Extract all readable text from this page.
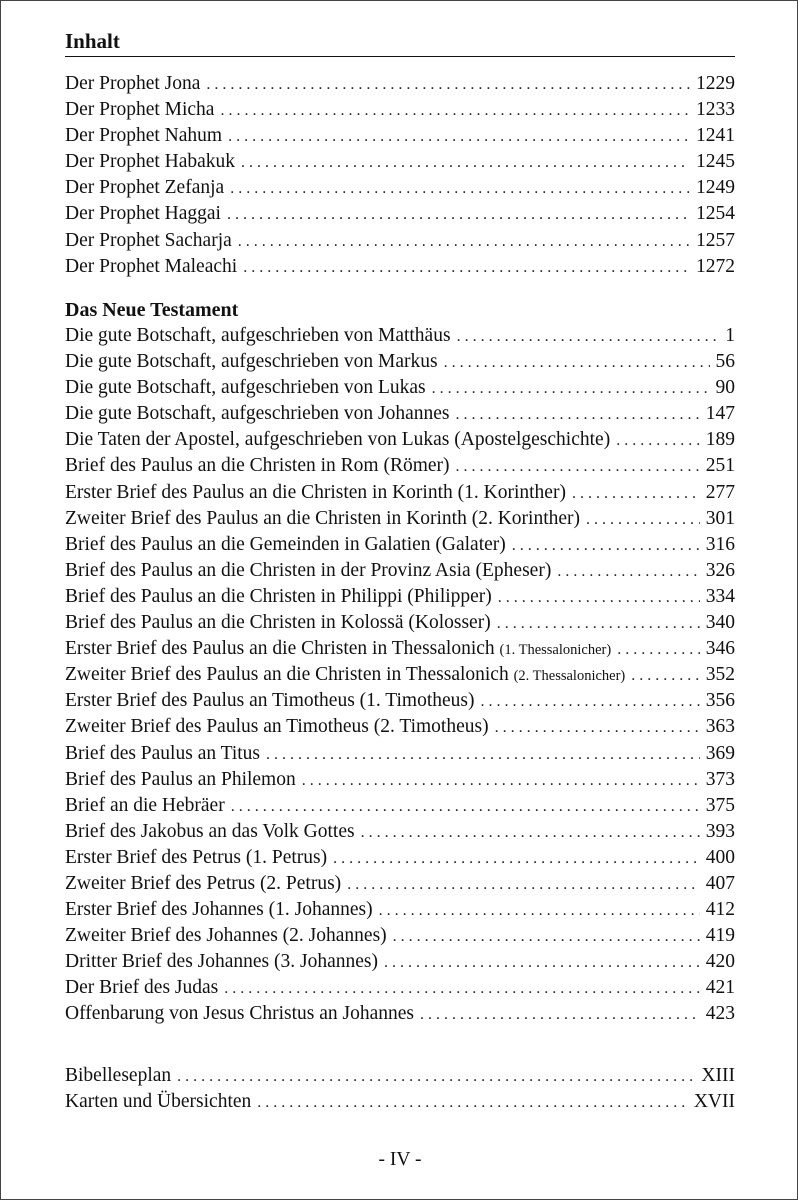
Inhalt
Der Prophet Jona . . .	1229
Der Prophet Micha . . .	1233
Der Prophet Nahum . . .	1241
Der Prophet Habakuk . . .	1245
Der Prophet Zefanja . . .	1249
Der Prophet Haggai . . .	1254
Der Prophet Sacharja . . .	1257
Der Prophet Maleachi . . .	1272
Das Neue Testament
Die gute Botschaft, aufgeschrieben von Matthäus . . .	1
Die gute Botschaft, aufgeschrieben von Markus . . .	56
Die gute Botschaft, aufgeschrieben von Lukas . . .	90
Die gute Botschaft, aufgeschrieben von Johannes . . .	147
Die Taten der Apostel, aufgeschrieben von Lukas (Apostelgeschichte) . . .	189
Brief des Paulus an die Christen in Rom (Römer) . . .	251
Erster Brief des Paulus an die Christen in Korinth (1. Korinther) . . .	277
Zweiter Brief des Paulus an die Christen in Korinth (2. Korinther) . . .	301
Brief des Paulus an die Gemeinden in Galatien (Galater) . . .	316
Brief des Paulus an die Christen in der Provinz Asia (Epheser) . . .	326
Brief des Paulus an die Christen in Philippi (Philipper) . . .	334
Brief des Paulus an die Christen in Kolossä (Kolosser) . . .	340
Erster Brief des Paulus an die Christen in Thessalonich (1. Thessalonicher) . . .	346
Zweiter Brief des Paulus an die Christen in Thessalonich (2. Thessalonicher) . . .	352
Erster Brief des Paulus an Timotheus (1. Timotheus) . . .	356
Zweiter Brief des Paulus an Timotheus (2. Timotheus) . . .	363
Brief des Paulus an Titus . . .	369
Brief des Paulus an Philemon . . .	373
Brief an die Hebräer . . .	375
Brief des Jakobus an das Volk Gottes . . .	393
Erster Brief des Petrus (1. Petrus) . . .	400
Zweiter Brief des Petrus (2. Petrus) . . .	407
Erster Brief des Johannes (1. Johannes) . . .	412
Zweiter Brief des Johannes (2. Johannes) . . .	419
Dritter Brief des Johannes (3. Johannes) . . .	420
Der Brief des Judas . . .	421
Offenbarung von Jesus Christus an Johannes . . .	423
Bibelleseplan . . .	XIII
Karten und Übersichten . . .	XVII
- IV -
